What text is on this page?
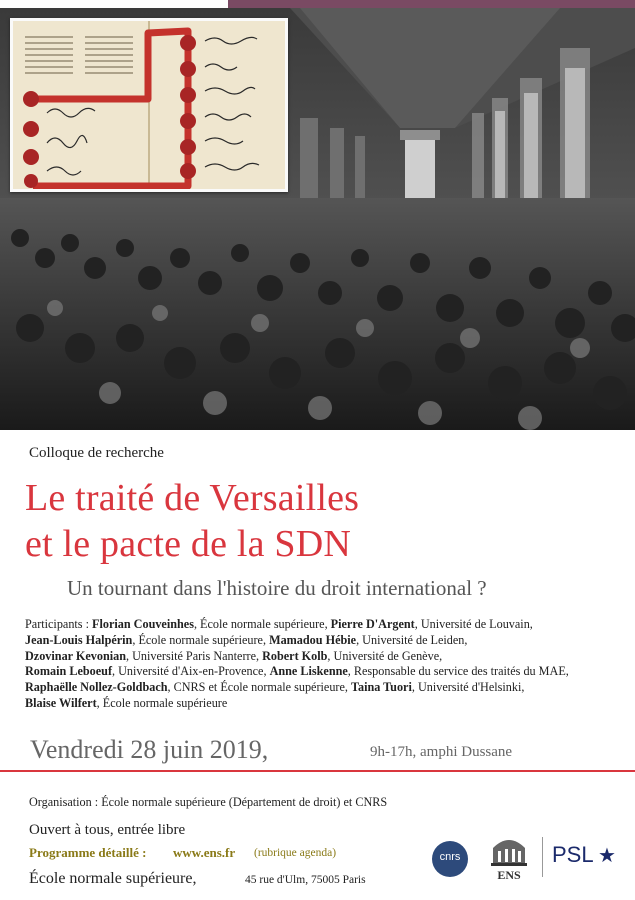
Colloque de recherche
Le traité de Versailles
et le pacte de la SDN
Un tournant dans l'histoire du droit international ?
Participants : Florian Couveinhes, École normale supérieure, Pierre D'Argent, Université de Louvain,
Jean-Louis Halpérin, École normale supérieure, Mamadou Hébie, Université de Leiden,
Dzovinar Kevonian, Université Paris Nanterre, Robert Kolb, Université de Genève,
Romain Leboeuf, Université d'Aix-en-Provence, Anne Liskenne, Responsable du service des traités du MAE,
Raphaëlle Nollez-Goldbach, CNRS et École normale supérieure, Taina Tuori, Université d'Helsinki,
Blaise Wilfert, École normale supérieure
Vendredi 28 juin 2019,	9h-17h, amphi Dussane
Organisation : École normale supérieure (Département de droit) et CNRS
Ouvert à tous, entrée libre
Programme détaillé : www.ens.fr (rubrique agenda)
École normale supérieure,	45 rue d'Ulm, 75005 Paris
cnrs
ENS
PSL ★
